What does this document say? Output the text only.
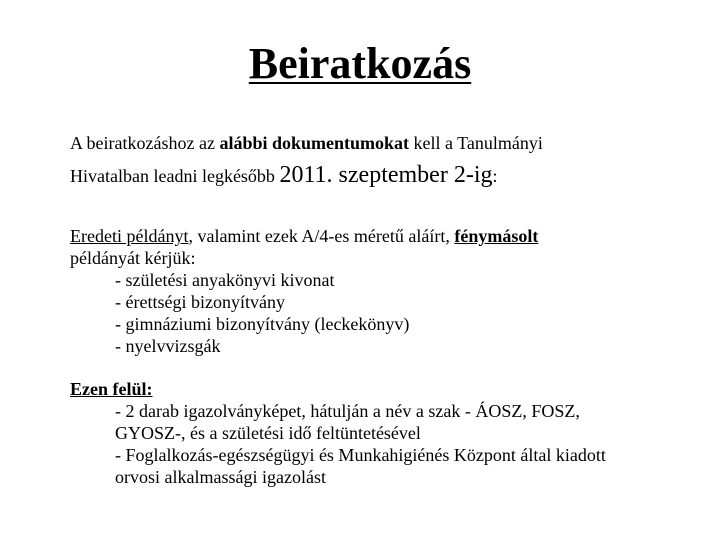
Beiratkozás
A beiratkozáshoz az alábbi dokumentumokat kell a Tanulmányi
Hivatalban leadni legkésőbb 2011. szeptember 2-ig:
Eredeti példányt, valamint ezek A/4-es méretű aláírt, fénymásolt
példányát kérjük:
- születési anyakönyvi kivonat
- érettségi bizonyítvány
- gimnáziumi bizonyítvány (leckekönyv)
- nyelvvizsgák
Ezen felül:
- 2 darab igazolványképet, hátulján a név a szak - ÁOSZ, FOSZ,
GYOSZ-, és a születési idő feltüntetésével
- Foglalkozás-egészségügyi és Munkahigiénés Központ által kiadott
orvosi alkalmassági igazolást
